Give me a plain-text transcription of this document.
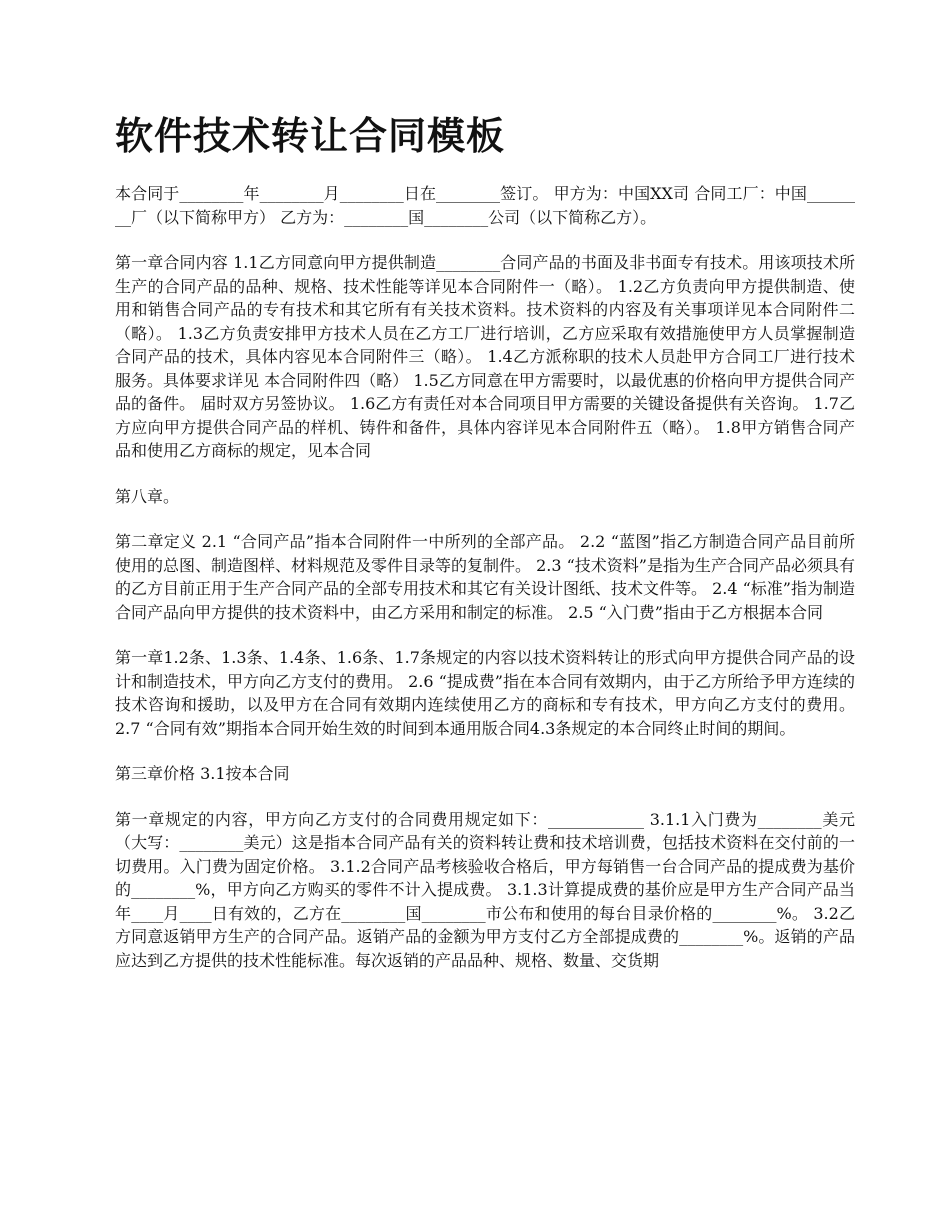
软件技术转让合同模板

本合同于________年________月________日在________签订。 甲方为：中国XX司 合同工厂：中国________厂（以下简称甲方） 乙方为：________国________公司（以下简称乙方）。

第一章合同内容 1.1乙方同意向甲方提供制造________合同产品的书面及非书面专有技术。用该项技术所生产的合同产品的品种、规格、技术性能等详见本合同附件一（略）。 1.2乙方负责向甲方提供制造、使用和销售合同产品的专有技术和其它所有有关技术资料。技术资料的内容及有关事项详见本合同附件二（略）。 1.3乙方负责安排甲方技术人员在乙方工厂进行培训，乙方应采取有效措施使甲方人员掌握制造合同产品的技术，具体内容见本合同附件三（略）。 1.4乙方派称职的技术人员赴甲方合同工厂进行技术服务。具体要求详见 本合同附件四（略） 1.5乙方同意在甲方需要时，以最优惠的价格向甲方提供合同产品的备件。 届时双方另签协议。 1.6乙方有责任对本合同项目甲方需要的关键设备提供有关咨询。 1.7乙方应向甲方提供合同产品的样机、铸件和备件，具体内容详见本合同附件五（略）。 1.8甲方销售合同产品和使用乙方商标的规定，见本合同

第八章。

第二章定义 2.1 “合同产品”指本合同附件一中所列的全部产品。 2.2 “蓝图”指乙方制造合同产品目前所使用的总图、制造图样、材料规范及零件目录等的复制件。 2.3 “技术资料”是指为生产合同产品必须具有的乙方目前正用于生产合同产品的全部专用技术和其它有关设计图纸、技术文件等。 2.4 “标准”指为制造合同产品向甲方提供的技术资料中，由乙方采用和制定的标准。 2.5 “入门费”指由于乙方根据本合同

第一章1.2条、1.3条、1.4条、1.6条、1.7条规定的内容以技术资料转让的形式向甲方提供合同产品的设计和制造技术，甲方向乙方支付的费用。 2.6 “提成费”指在本合同有效期内，由于乙方所给予甲方连续的技术咨询和援助，以及甲方在合同有效期内连续使用乙方的商标和专有技术，甲方向乙方支付的费用。 2.7 “合同有效”期指本合同开始生效的时间到本通用版合同4.3条规定的本合同终止时间的期间。

第三章价格 3.1按本合同

第一章规定的内容，甲方向乙方支付的合同费用规定如下：____________ 3.1.1入门费为________美元（大写：________美元）这是指本合同产品有关的资料转让费和技术培训费，包括技术资料在交付前的一切费用。入门费为固定价格。 3.1.2合同产品考核验收合格后，甲方每销售一台合同产品的提成费为基价的________%，甲方向乙方购买的零件不计入提成费。 3.1.3计算提成费的基价应是甲方生产合同产品当年____月____日有效的，乙方在________国________市公布和使用的每台目录价格的________%。 3.2乙方同意返销甲方生产的合同产品。返销产品的金额为甲方支付乙方全部提成费的________%。返销的产品应达到乙方提供的技术性能标准。每次返销的产品品种、规格、数量、交货期
